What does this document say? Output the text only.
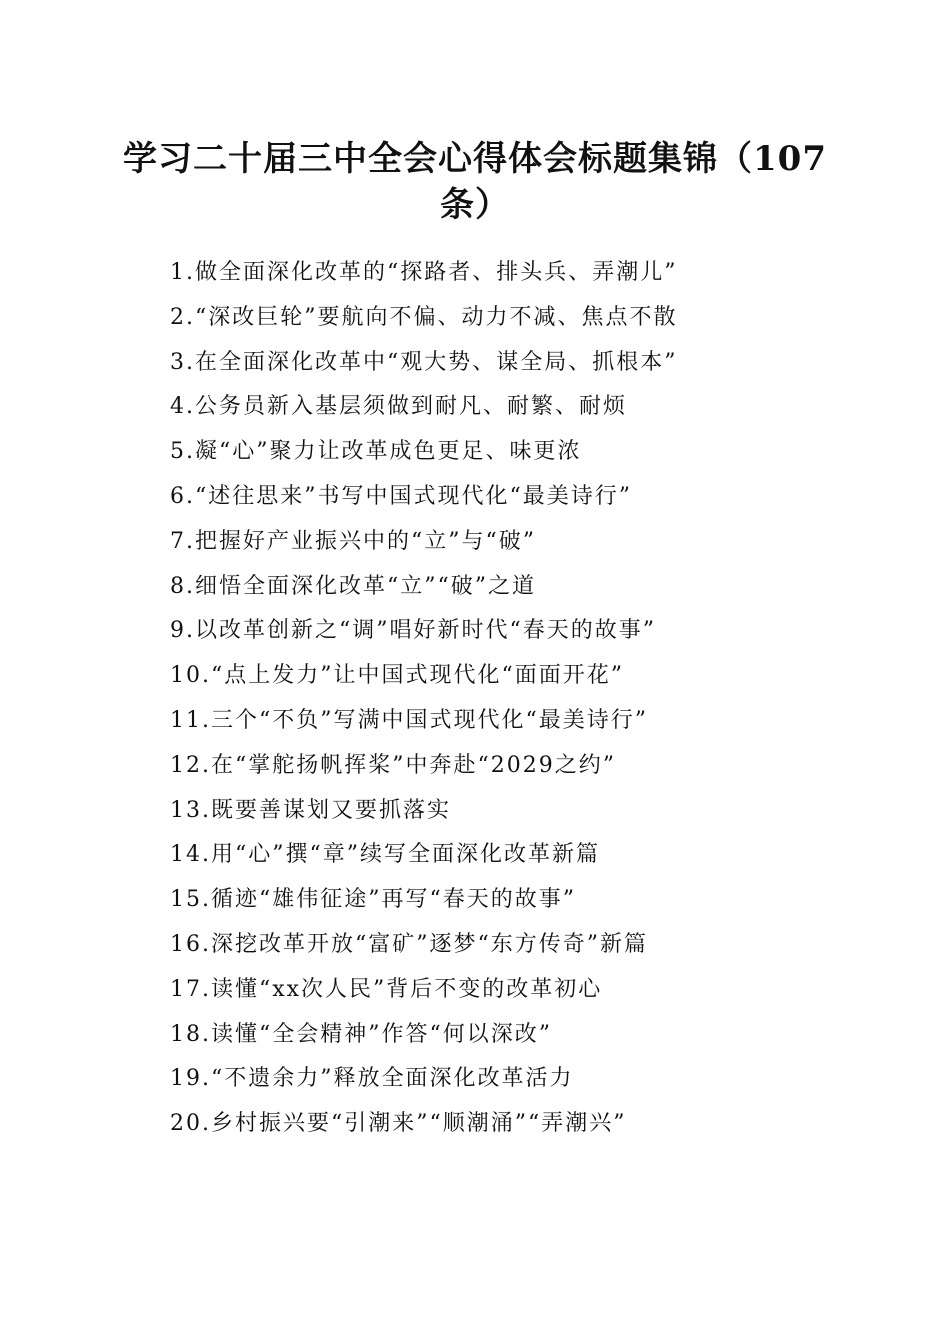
学习二十届三中全会心得体会标题集锦（107
条）
1.做全面深化改革的“探路者、排头兵、弄潮儿”
2.“深改巨轮”要航向不偏、动力不减、焦点不散
3.在全面深化改革中“观大势、谋全局、抓根本”
4.公务员新入基层须做到耐凡、耐繁、耐烦
5.凝“心”聚力让改革成色更足、味更浓
6.“述往思来”书写中国式现代化“最美诗行”
7.把握好产业振兴中的“立”与“破”
8.细悟全面深化改革“立”“破”之道
9.以改革创新之“调”唱好新时代“春天的故事”
10.“点上发力”让中国式现代化“面面开花”
11.三个“不负”写满中国式现代化“最美诗行”
12.在“掌舵扬帆挥桨”中奔赴“2029之约”
13.既要善谋划又要抓落实
14.用“心”撰“章”续写全面深化改革新篇
15.循迹“雄伟征途”再写“春天的故事”
16.深挖改革开放“富矿”逐梦“东方传奇”新篇
17.读懂“xx次人民”背后不变的改革初心
18.读懂“全会精神”作答“何以深改”
19.“不遗余力”释放全面深化改革活力
20.乡村振兴要“引潮来”“顺潮涌”“弄潮兴”
